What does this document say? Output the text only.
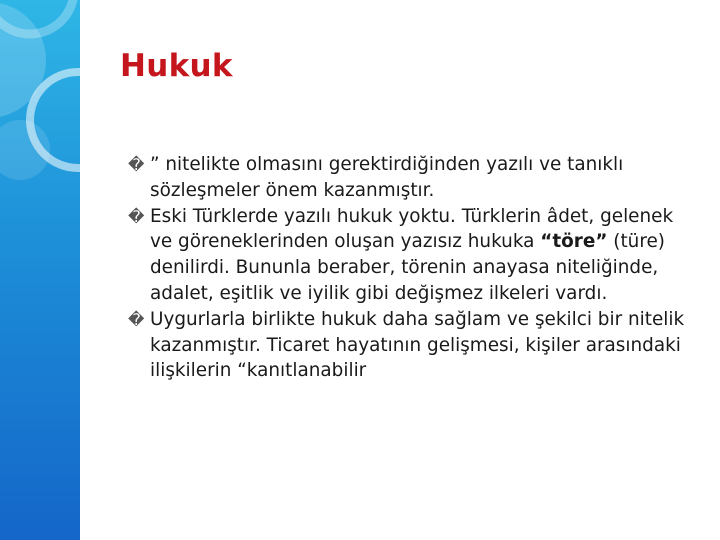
Hukuk

� ” nitelikte olmasını gerektirdiğinden yazılı ve tanıklı sözleşmeler önem kazanmıştır.

� Eski Türklerde yazılı hukuk yoktu. Türklerin âdet, gelenek ve göreneklerinden oluşan yazısız hukuka “töre” (türe) denilirdi. Bununla beraber, törenin anayasa niteliğinde, adalet, eşitlik ve iyilik gibi değişmez ilkeleri vardı.

� Uygurlarla birlikte hukuk daha sağlam ve şekilci bir nitelik kazanmıştır. Ticaret hayatının gelişmesi, kişiler arasındaki ilişkilerin “kanıtlanabilir
